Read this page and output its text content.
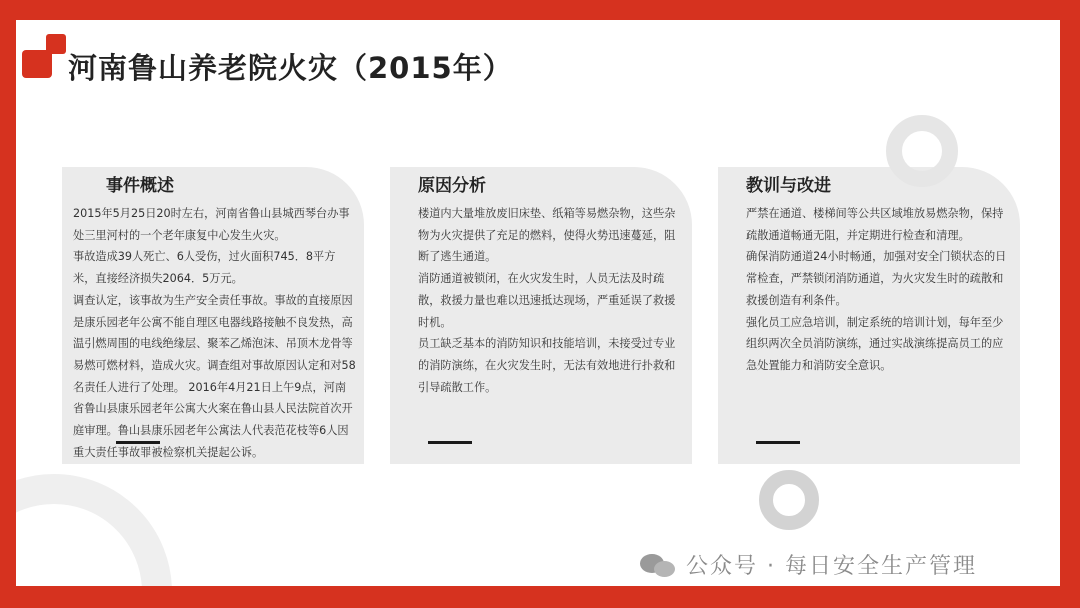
河南鲁山养老院火灾（2015年）
事件概述

2015年5月25日20时左右，河南省鲁山县城西琴台办事处三里河村的一个老年康复中心发生火灾。

事故造成39人死亡、6人受伤，过火面积745．8平方米，直接经济损失2064．5万元。

调查认定，该事故为生产安全责任事故。事故的直接原因是康乐园老年公寓不能自理区电器线路接触不良发热，高温引燃周围的电线绝缘层、聚苯乙烯泡沫、吊顶木龙骨等易燃可燃材料，造成火灾。调查组对事故原因认定和对58名责任人进行了处理。 2016年4月21日上午9点，河南省鲁山县康乐园老年公寓大火案在鲁山县人民法院首次开庭审理。鲁山县康乐园老年公寓法人代表范花枝等6人因重大责任事故罪被检察机关提起公诉。

原因分析

楼道内大量堆放废旧床垫、纸箱等易燃杂物，这些杂物为火灾提供了充足的燃料，使得火势迅速蔓延，阻断了逃生通道。

消防通道被锁闭，在火灾发生时，人员无法及时疏散，救援力量也难以迅速抵达现场，严重延误了救援时机。

员工缺乏基本的消防知识和技能培训，未接受过专业的消防演练，在火灾发生时，无法有效地进行扑救和引导疏散工作。

教训与改进

严禁在通道、楼梯间等公共区域堆放易燃杂物，保持疏散通道畅通无阻，并定期进行检查和清理。

确保消防通道24小时畅通，加强对安全门锁状态的日常检查，严禁锁闭消防通道，为火灾发生时的疏散和救援创造有利条件。

强化员工应急培训，制定系统的培训计划，每年至少组织两次全员消防演练，通过实战演练提高员工的应急处置能力和消防安全意识。

公众号 · 每日安全生产管理
